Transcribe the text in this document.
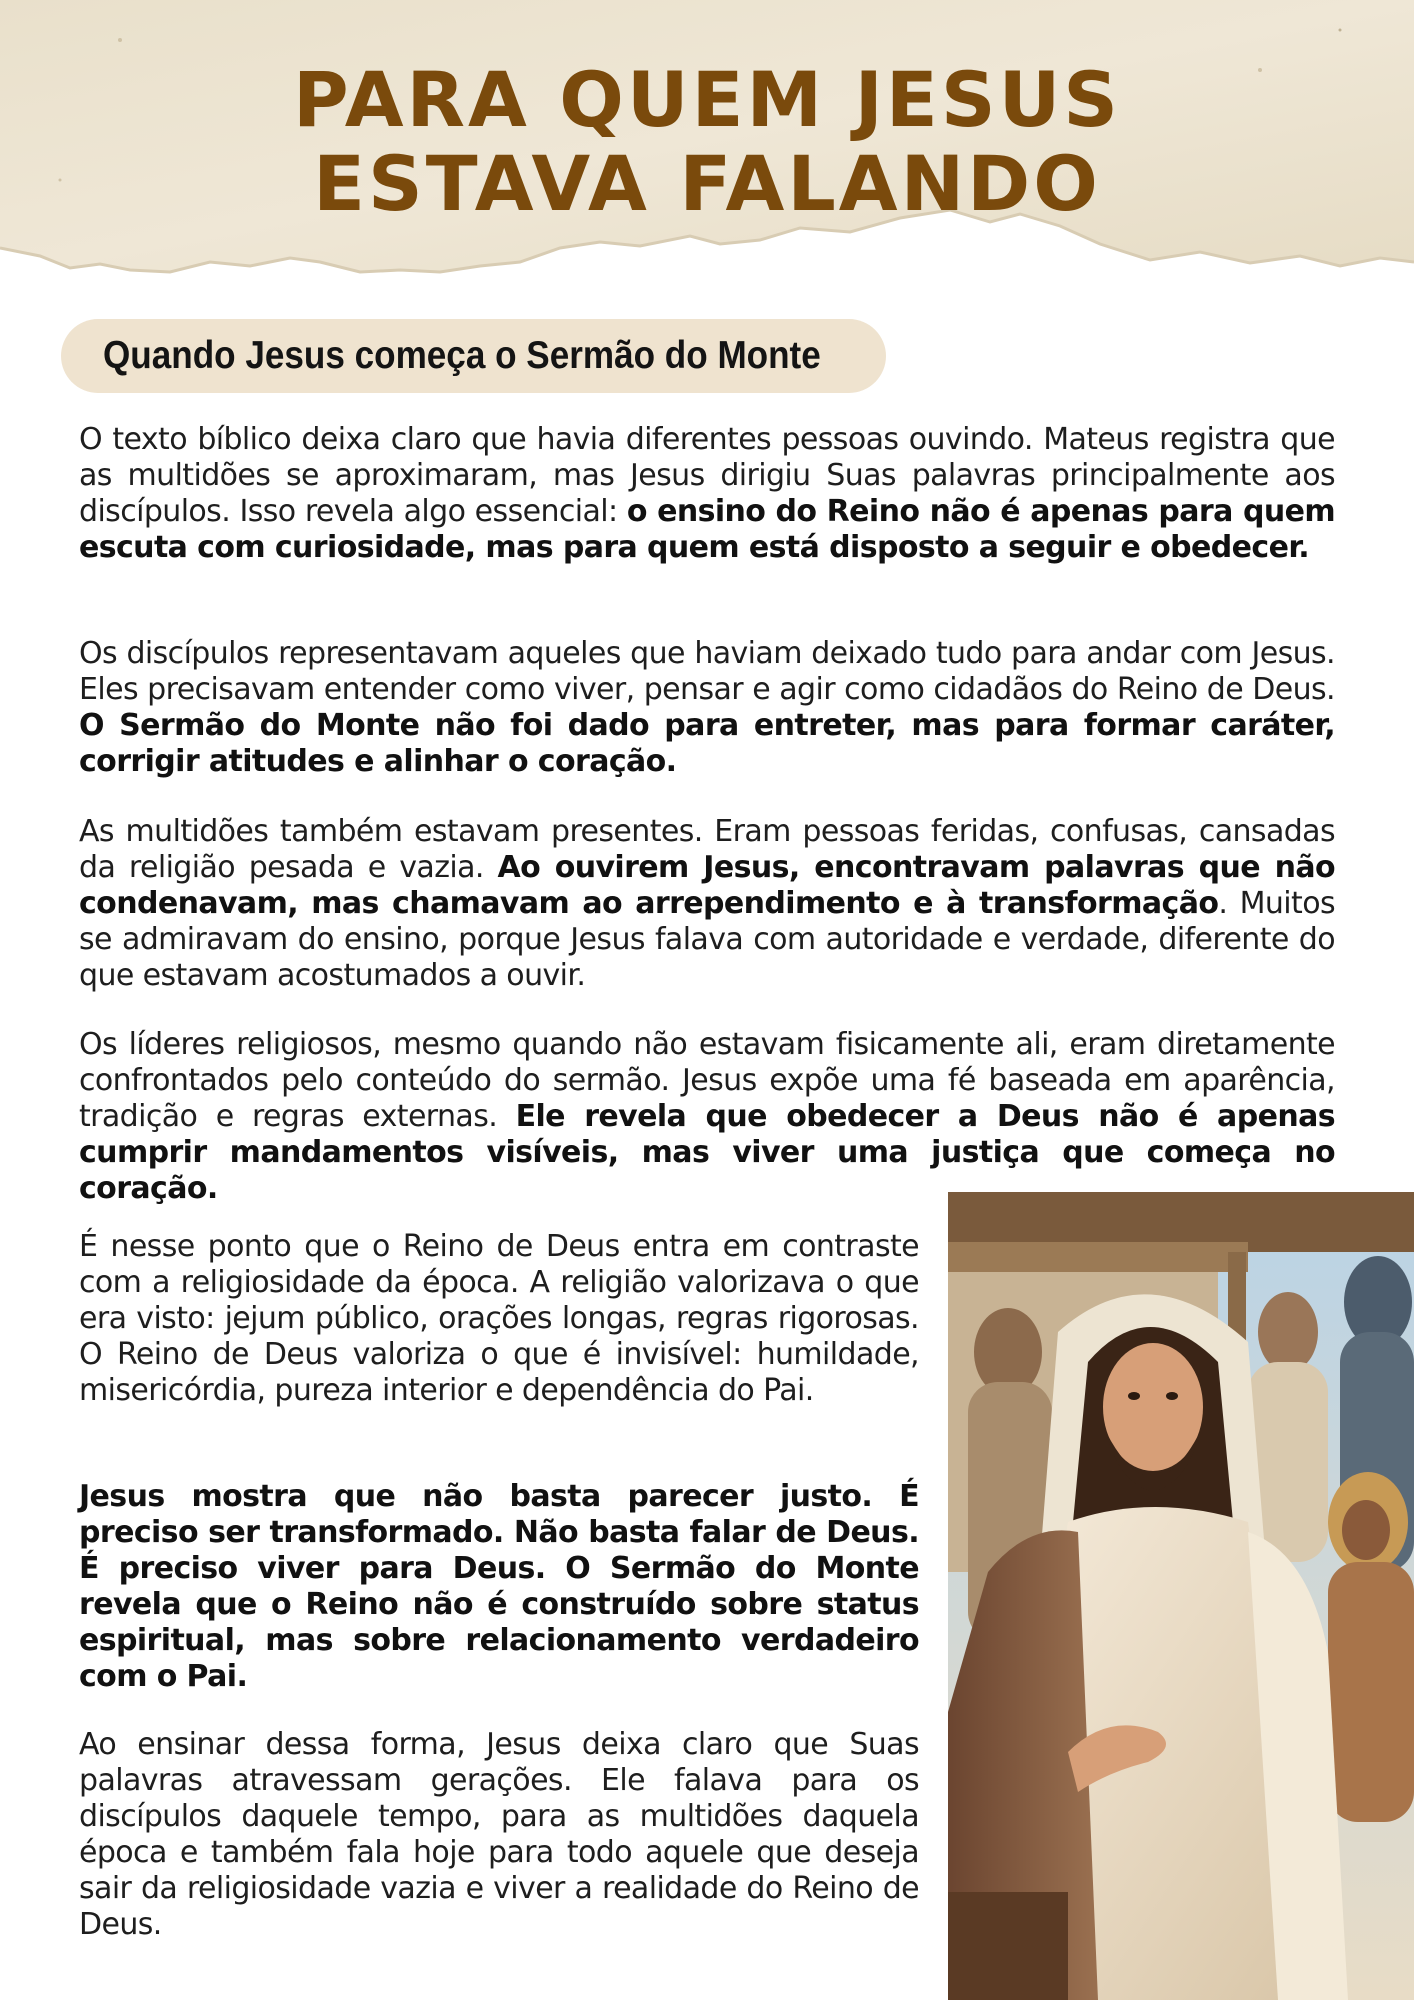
PARA QUEM JESUS
ESTAVA FALANDO
Quando Jesus começa o Sermão do Monte

O texto bíblico deixa claro que havia diferentes pessoas ouvindo. Mateus registra que as multidões se aproximaram, mas Jesus dirigiu Suas palavras principalmente aos discípulos. Isso revela algo essencial: o ensino do Reino não é apenas para quem escuta com curiosidade, mas para quem está disposto a seguir e obedecer.

Os discípulos representavam aqueles que haviam deixado tudo para andar com Jesus. Eles precisavam entender como viver, pensar e agir como cidadãos do Reino de Deus. O Sermão do Monte não foi dado para entreter, mas para formar caráter, corrigir atitudes e alinhar o coração.

As multidões também estavam presentes. Eram pessoas feridas, confusas, cansadas da religião pesada e vazia. Ao ouvirem Jesus, encontravam palavras que não condenavam, mas chamavam ao arrependimento e à transformação. Muitos se admiravam do ensino, porque Jesus falava com autoridade e verdade, diferente do que estavam acostumados a ouvir.

Os líderes religiosos, mesmo quando não estavam fisicamente ali, eram diretamente confrontados pelo conteúdo do sermão. Jesus expõe uma fé baseada em aparência, tradição e regras externas. Ele revela que obedecer a Deus não é apenas cumprir mandamentos visíveis, mas viver uma justiça que começa no coração.

É nesse ponto que o Reino de Deus entra em contraste com a religiosidade da época. A religião valorizava o que era visto: jejum público, orações longas, regras rigorosas. O Reino de Deus valoriza o que é invisível: humildade, misericórdia, pureza interior e dependência do Pai.

Jesus mostra que não basta parecer justo. É preciso ser transformado. Não basta falar de Deus. É preciso viver para Deus. O Sermão do Monte revela que o Reino não é construído sobre status espiritual, mas sobre relacionamento verdadeiro com o Pai.

Ao ensinar dessa forma, Jesus deixa claro que Suas palavras atravessam gerações. Ele falava para os discípulos daquele tempo, para as multidões daquela época e também fala hoje para todo aquele que deseja sair da religiosidade vazia e viver a realidade do Reino de Deus.
